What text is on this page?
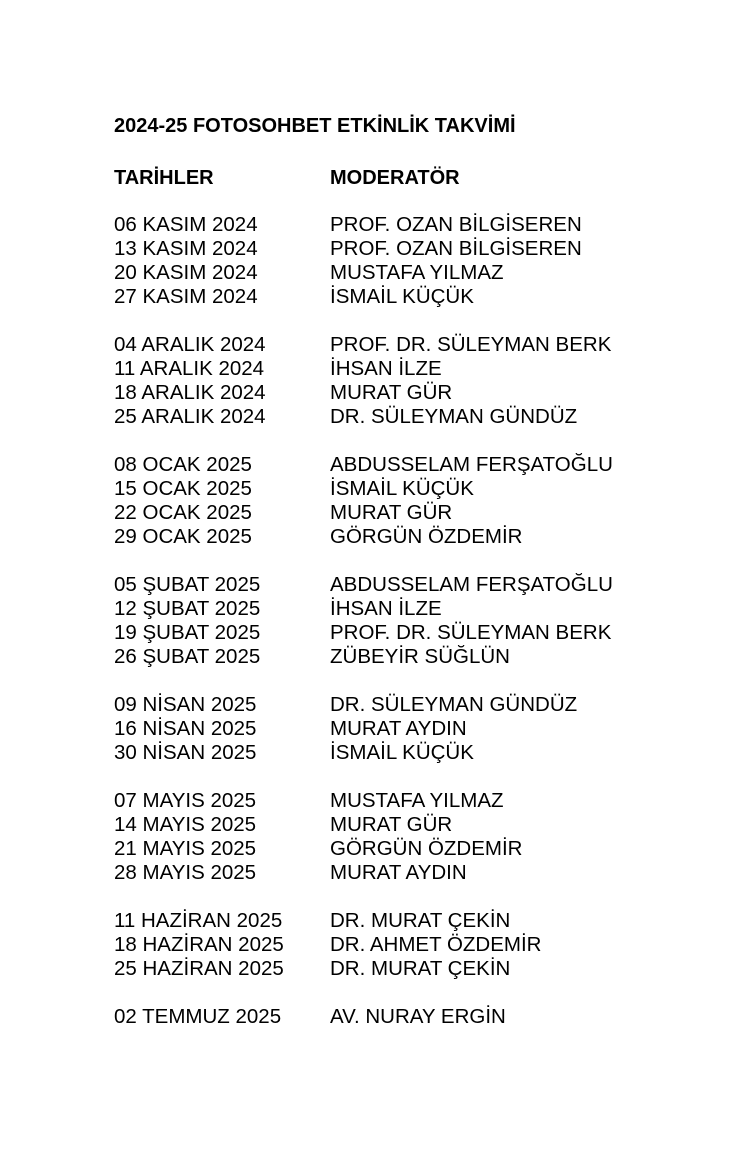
2024-25 FOTOSOHBET ETKİNLİK TAKVİMİ
TARİHLER	MODERATÖR
06 KASIM 2024	PROF. OZAN BİLGİSEREN
13 KASIM 2024	PROF. OZAN BİLGİSEREN
20 KASIM 2024	MUSTAFA YILMAZ
27 KASIM 2024	İSMAİL KÜÇÜK
04 ARALIK 2024	PROF. DR. SÜLEYMAN BERK
11 ARALIK 2024	İHSAN İLZE
18 ARALIK 2024	MURAT GÜR
25 ARALIK 2024	DR. SÜLEYMAN GÜNDÜZ
08 OCAK 2025	ABDUSSELAM FERŞATOĞLU
15 OCAK 2025	İSMAİL KÜÇÜK
22 OCAK 2025	MURAT GÜR
29 OCAK 2025	GÖRGÜN ÖZDEMİR
05 ŞUBAT 2025	ABDUSSELAM FERŞATOĞLU
12 ŞUBAT 2025	İHSAN İLZE
19 ŞUBAT 2025	PROF. DR. SÜLEYMAN BERK
26 ŞUBAT 2025	ZÜBEYİR SÜĞLÜN
09 NİSAN 2025	DR. SÜLEYMAN GÜNDÜZ
16 NİSAN 2025	MURAT AYDIN
30 NİSAN 2025	İSMAİL KÜÇÜK
07 MAYIS 2025	MUSTAFA YILMAZ
14 MAYIS 2025	MURAT GÜR
21 MAYIS 2025	GÖRGÜN ÖZDEMİR
28 MAYIS 2025	MURAT AYDIN
11 HAZİRAN 2025	DR. MURAT ÇEKİN
18 HAZİRAN 2025	DR. AHMET ÖZDEMİR
25 HAZİRAN 2025	DR. MURAT ÇEKİN
02 TEMMUZ 2025	AV. NURAY ERGİN
